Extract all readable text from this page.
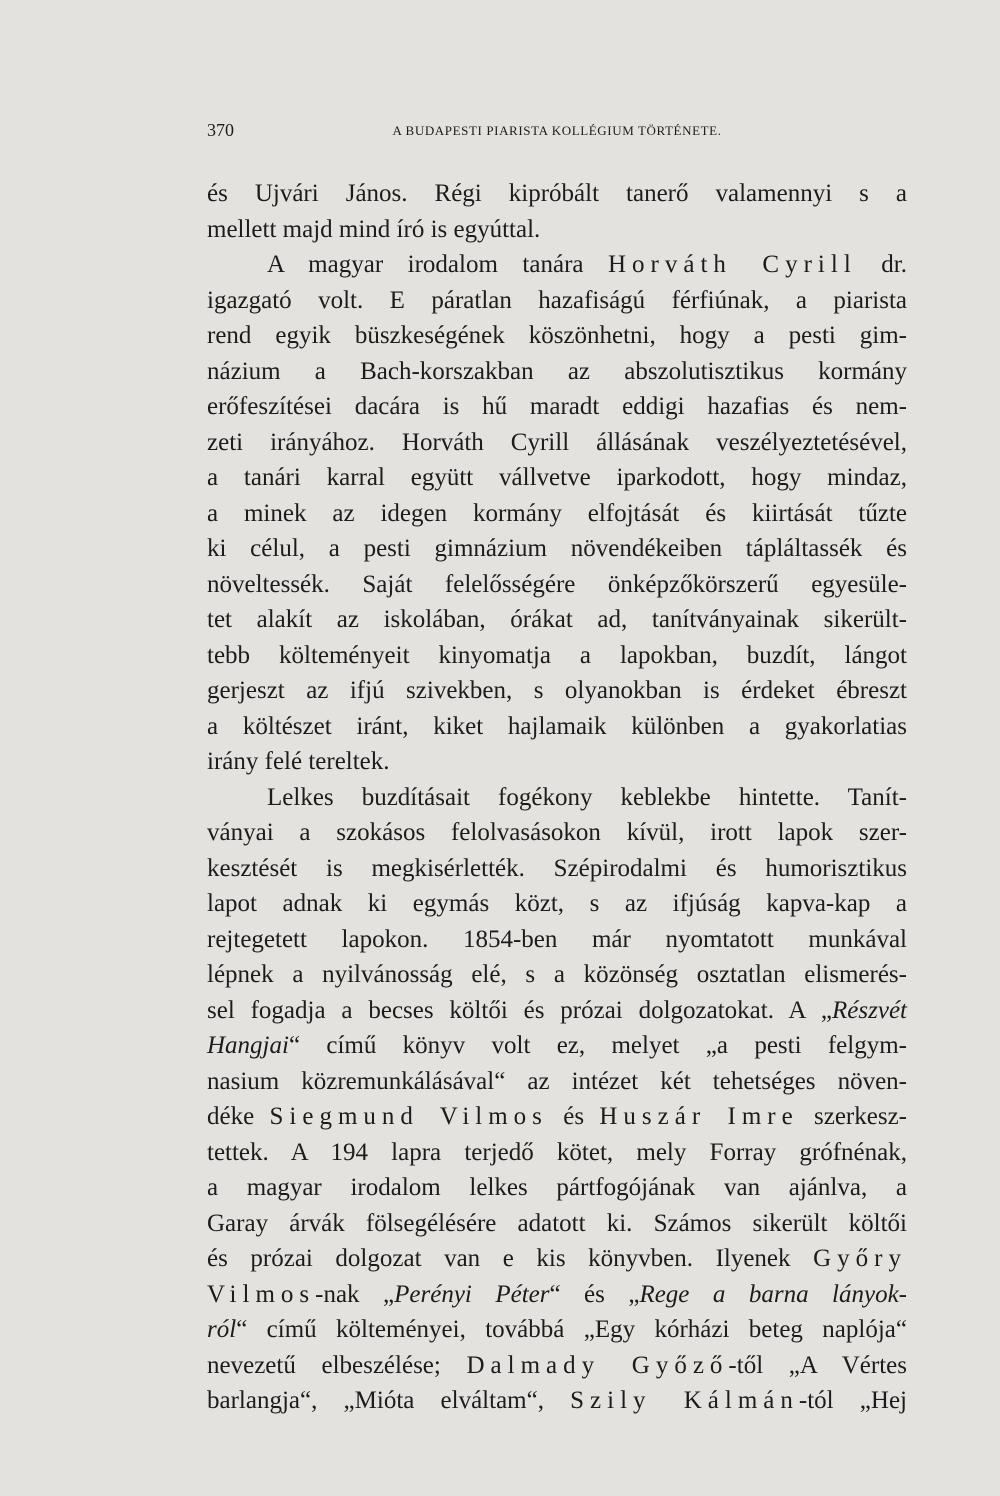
370	A BUDAPESTI PIARISTA KOLLÉGIUM TÖRTÉNETE.
és Ujvári János. Régi kipróbált tanerő valamennyi s a
mellett majd mind író is egyúttal.
A magyar irodalom tanára Horváth Cyrill dr.
igazgató volt. E páratlan hazafiságú férfiúnak, a piarista
rend egyik büszkeségének köszönhetni, hogy a pesti gim-
názium a Bach-korszakban az abszolutisztikus kormány
erőfeszítései dacára is hű maradt eddigi hazafias és nem-
zeti irányához. Horváth Cyrill állásának veszélyeztetésével,
a tanári karral együtt vállvetve iparkodott, hogy mindaz,
a minek az idegen kormány elfojtását és kiirtását tűzte
ki célul, a pesti gimnázium növendékeiben tápláltassék és
növeltessék. Saját felelősségére önképzőkörszerű egyesüle-
tet alakít az iskolában, órákat ad, tanítványainak sikerült-
tebb költeményeit kinyomatja a lapokban, buzdít, lángot
gerjeszt az ifjú szivekben, s olyanokban is érdeket ébreszt
a költészet iránt, kiket hajlamaik különben a gyakorlatias
irány felé tereltek.
Lelkes buzdításait fogékony keblekbe hintette. Tanít-
ványai a szokásos felolvasásokon kívül, irott lapok szer-
kesztését is megkisérlették. Szépirodalmi és humorisztikus
lapot adnak ki egymás közt, s az ifjúság kapva-kap a
rejtegetett lapokon. 1854-ben már nyomtatott munkával
lépnek a nyilvánosság elé, s a közönség osztatlan elismerés-
sel fogadja a becses költői és prózai dolgozatokat. A „Részvét
Hangjai“ című könyv volt ez, melyet „a pesti felgym-
nasium közremunkálásával“ az intézet két tehetséges növen-
déke Siegmund Vilmos és Huszár Imre szerkesz-
tettek. A 194 lapra terjedő kötet, mely Forray grófnénak,
a magyar irodalom lelkes pártfogójának van ajánlva, a
Garay árvák fölsegélésére adatott ki. Számos sikerült költői
és prózai dolgozat van e kis könyvben. Ilyenek Győry
Vilmos-nak „Perényi Péter“ és „Rege a barna lányok-
ról“ című költeményei, továbbá „Egy kórházi beteg naplója“
nevezetű elbeszélése; Dalmady Győző-től „A Vértes
barlangja“, „Mióta elváltam“, Szily Kálmán-tól „Hej
